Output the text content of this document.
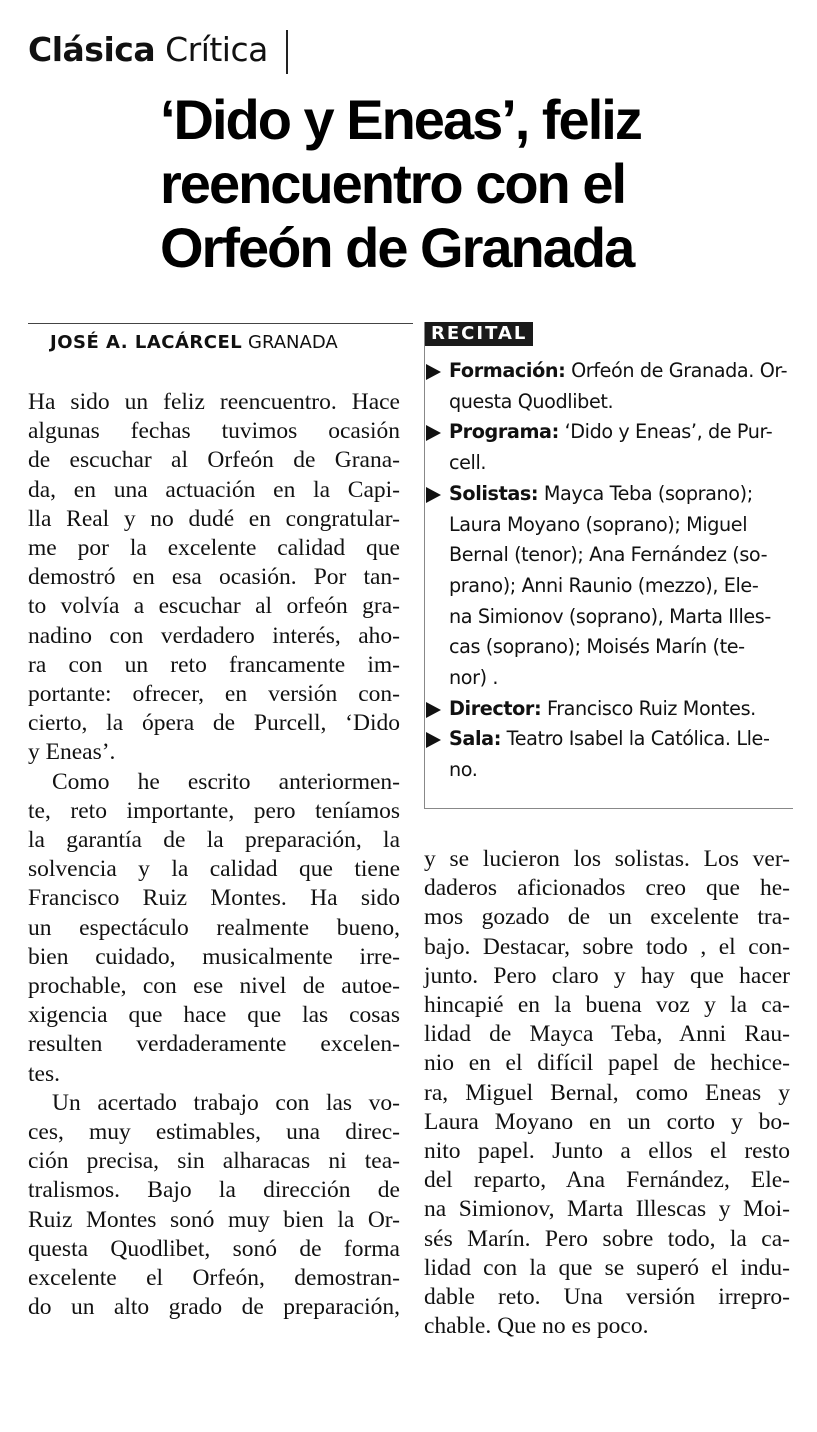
Clásica Crítica
‘Dido y Eneas’, feliz reencuentro con el Orfeón de Granada
JOSÉ A. LACÁRCEL GRANADA	RECITAL
Formación: Orfeón de Granada. Or-
questa Quodlibet.
Programa: ‘Dido y Eneas’, de Pur-
cell.
Solistas: Mayca Teba (soprano);
Laura Moyano (soprano); Miguel
Bernal (tenor); Ana Fernández (so-
prano); Anni Raunio (mezzo), Ele-
na Simionov (soprano), Marta Illes-
cas (soprano); Moisés Marín (te-
nor) .
Director: Francisco Ruiz Montes.
Sala: Teatro Isabel la Católica. Lle-
no.
Ha sido un feliz reencuentro. Hace
algunas fechas tuvimos ocasión
de escuchar al Orfeón de Grana-
da, en una actuación en la Capi-
lla Real y no dudé en congratular-
me por la excelente calidad que
demostró en esa ocasión. Por tan-
to volvía a escuchar al orfeón gra-
nadino con verdadero interés, aho-
ra con un reto francamente im-
portante: ofrecer, en versión con-
cierto, la ópera de Purcell, ‘Dido
y Eneas’.
Como he escrito anteriormen-
te, reto importante, pero teníamos
la garantía de la preparación, la
solvencia y la calidad que tiene
Francisco Ruiz Montes. Ha sido
un espectáculo realmente bueno,
bien cuidado, musicalmente irre-
prochable, con ese nivel de autoe-
xigencia que hace que las cosas
resulten verdaderamente excelen-
tes.
Un acertado trabajo con las vo-
ces, muy estimables, una direc-
ción precisa, sin alharacas ni tea-
tralismos. Bajo la dirección de
Ruiz Montes sonó muy bien la Or-
questa Quodlibet, sonó de forma
excelente el Orfeón, demostran-
do un alto grado de preparación,
y se lucieron los solistas. Los ver-
daderos aficionados creo que he-
mos gozado de un excelente tra-
bajo. Destacar, sobre todo , el con-
junto. Pero claro y hay que hacer
hincapié en la buena voz y la ca-
lidad de Mayca Teba, Anni Rau-
nio en el difícil papel de hechice-
ra, Miguel Bernal, como Eneas y
Laura Moyano en un corto y bo-
nito papel. Junto a ellos el resto
del reparto, Ana Fernández, Ele-
na Simionov, Marta Illescas y Moi-
sés Marín. Pero sobre todo, la ca-
lidad con la que se superó el indu-
dable reto. Una versión irrepro-
chable. Que no es poco.
